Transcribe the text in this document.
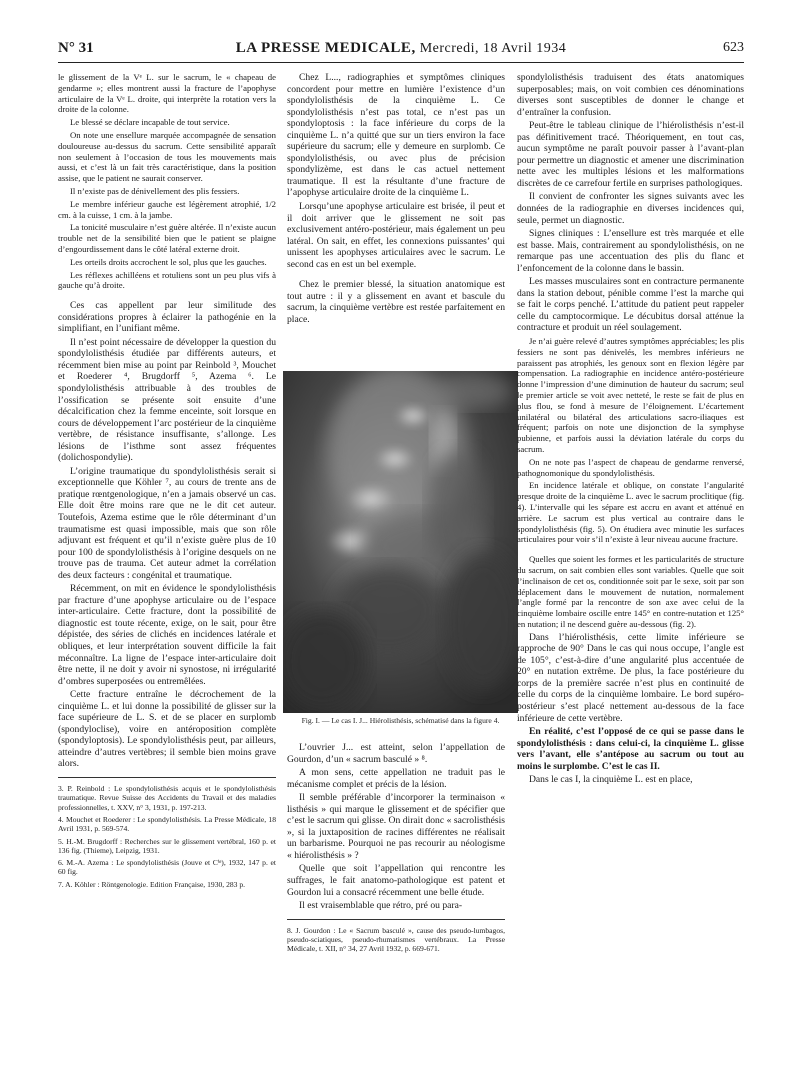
N° 31	LA PRESSE MEDICALE, Mercredi, 18 Avril 1934	623

le glissement de la Vᵉ L. sur le sacrum, le « chapeau de gendarme »; elles montrent aussi la fracture de l’apophyse articulaire de la Vᵉ L. droite, qui interprète la rotation vers la droite de la colonne.

Le blessé se déclare incapable de tout service.

On note une ensellure marquée accompagnée de sensation douloureuse au-dessus du sacrum. Cette sensibilité apparaît non seulement à l’occasion de tous les mouvements mais aussi, et c’est là un fait très caractéristique, dans la position assise, que le patient ne saurait conserver.

Il n’existe pas de dénivellement des plis fessiers.

Le membre inférieur gauche est légèrement atrophié, 1/2 cm. à la cuisse, 1 cm. à la jambe.

La tonicité musculaire n’est guère altérée. Il n’existe aucun trouble net de la sensibilité bien que le patient se plaigne d’engourdissement dans le côté latéral externe droit.

Les orteils droits accrochent le sol, plus que les gauches.

Les réflexes achilléens et rotuliens sont un peu plus vifs à gauche qu’à droite.

Ces cas appellent par leur similitude des considérations propres à éclairer la pathogénie en la simplifiant, en l’unifiant même.

Il n’est point nécessaire de développer la question du spondylolisthésis étudiée par différents auteurs, et récemment bien mise au point par Reinbold ³, Mouchet et Roederer ⁴, Brugdorff ⁵, Azema ⁶. Le spondylolisthésis attribuable à des troubles de l’ossification se présente soit ensuite d’une décalcification chez la femme enceinte, soit lorsque en cours de développement l’arc postérieur de la cinquième vertèbre, de résistance insuffisante, s’allonge. Les lésions de l’isthme sont assez fréquentes (dolichospondylie).

L’origine traumatique du spondylolisthésis serait si exceptionnelle que Köhler ⁷, au cours de trente ans de pratique rœntgenologique, n’en a jamais observé un cas. Elle doit être moins rare que ne le dit cet auteur. Toutefois, Azema estime que le rôle déterminant d’un traumatisme est quasi impossible, mais que son rôle adjuvant est fréquent et qu’il n’existe guère plus de 10 pour 100 de spondylolisthésis à l’origine desquels on ne trouve pas de trauma. Cet auteur admet la corrélation des deux facteurs : congénital et traumatique.

Récemment, on mit en évidence le spondylolisthésis par fracture d’une apophyse articulaire ou de l’espace inter-articulaire. Cette fracture, dont la possibilité de diagnostic est toute récente, exige, on le sait, pour être dépistée, des séries de clichés en incidences latérale et obliques, et leur interprétation souvent difficile la fait méconnaître. La ligne de l’espace inter-articulaire doit être nette, il ne doit y avoir ni synostose, ni irrégularité d’ombres superposées ou entremêlées.

Cette fracture entraîne le décrochement de la cinquième L. et lui donne la possibilité de glisser sur la face supérieure de L. S. et de se placer en surplomb (spondyloclise), voire en antéroposition complète (spondyloptosis). Le spondylolisthésis peut, par ailleurs, atteindre d’autres vertèbres; il semble bien moins grave alors.

3. P. Reinbold : Le spondylolisthésis acquis et le spondylolisthésis traumatique. Revue Suisse des Accidents du Travail et des maladies professionnelles, t. XXV, n° 3, 1931, p. 197-213.

4. Mouchet et Roederer : Le spondylolisthésis. La Presse Médicale, 18 Avril 1931, p. 569-574.

5. H.-M. Brugdorff : Recherches sur le glissement vertébral, 160 p. et 136 fig. (Thieme), Leipzig, 1931.

6. M.-A. Azema : Le spondylolisthésis (Jouve et Cⁱᵉ), 1932, 147 p. et 60 fig.

7. A. Köhler : Röntgenologie. Edition Française, 1930, 283 p.

Chez L..., radiographies et symptômes cliniques concordent pour mettre en lumière l’existence d’un spondylolisthésis de la cinquième L. Ce spondylolisthésis n’est pas total, ce n’est pas un spondyloptosis : la face inférieure du corps de la cinquième L. n’a quitté que sur un tiers environ la face supérieure du sacrum; elle y demeure en surplomb. Ce spondylolisthésis, ou avec plus de précision spondylizème, est dans le cas actuel nettement traumatique. Il est la résultante d’une fracture de l’apophyse articulaire droite de la cinquième L.

Lorsqu’une apophyse articulaire est brisée, il peut et il doit arriver que le glissement ne soit pas exclusivement antéro-postérieur, mais également un peu latéral. On sait, en effet, les connexions puissantes’ qui unissent les apophyses articulaires avec le sacrum. Le second cas en est un bel exemple.

Chez le premier blessé, la situation anatomique est tout autre : il y a glissement en avant et bascule du sacrum, la cinquième vertèbre est restée parfaitement en place.

Fig. I. — Le cas I. J... Hiérolisthésis, schématisé dans la figure 4.

L’ouvrier J... est atteint, selon l’appellation de Gourdon, d’un « sacrum basculé » ⁸.

A mon sens, cette appellation ne traduit pas le mécanisme complet et précis de la lésion.

Il semble préférable d’incorporer la terminaison « listhésis » qui marque le glissement et de spécifier que c’est le sacrum qui glisse. On dirait donc « sacrolisthésis », si la juxtaposition de racines différentes ne réalisait un barbarisme. Pourquoi ne pas recourir au néologisme « hiérolisthésis » ?

Quelle que soit l’appellation qui rencontre les suffrages, le fait anatomo-pathologique est patent et Gourdon lui a consacré récemment une belle étude.

Il est vraisemblable que rétro, pré ou para-

8. J. Gourdon : Le « Sacrum basculé », cause des pseudo-lumbagos, pseudo-sciatiques, pseudo-rhumatismes vertébraux. La Presse Médicale, t. XII, n° 34, 27 Avril 1932, p. 669-671.

spondylolisthésis traduisent des états anatomiques superposables; mais, on voit combien ces dénominations diverses sont susceptibles de donner le change et d’entraîner la confusion.

Peut-être le tableau clinique de l’hiérolisthésis n’est-il pas définitivement tracé. Théoriquement, en tout cas, aucun symptôme ne paraît pouvoir passer à l’avant-plan pour permettre un diagnostic et amener une discrimination nette avec les multiples lésions et les malformations discrètes de ce carrefour fertile en surprises pathologiques.

Il convient de confronter les signes suivants avec les données de la radiographie en diverses incidences qui, seule, permet un diagnostic.

Signes cliniques : L’ensellure est très marquée et elle est basse. Mais, contrairement au spondylolisthésis, on ne remarque pas une accentuation des plis du flanc et l’enfoncement de la colonne dans le bassin.

Les masses musculaires sont en contracture permanente dans la station debout, pénible comme l’est la marche qui se fait le corps penché. L’attitude du patient peut rappeler celle du camptocormique. Le décubitus dorsal atténue la contracture et produit un réel soulagement.

Je n’ai guère relevé d’autres symptômes appréciables; les plis fessiers ne sont pas dénivelés, les membres inférieurs ne paraissent pas atrophiés, les genoux sont en flexion légère par compensation. La radiographie en incidence antéro-postérieure donne l’impression d’une diminution de hauteur du sacrum; seul le premier article se voit avec netteté, le reste se fait de plus en plus flou, se fond à mesure de l’éloignement. L’écartement unilatéral ou bilatéral des articulations sacro-iliaques est fréquent; parfois on note une disjonction de la symphyse pubienne, et parfois aussi la déviation latérale du corps du sacrum.

On ne note pas l’aspect de chapeau de gendarme renversé, pathognomonique du spondylolisthésis.

En incidence latérale et oblique, on constate l’angularité presque droite de la cinquième L. avec le sacrum proclitique (fig. 4). L’intervalle qui les sépare est accru en avant et atténué en arrière. Le sacrum est plus vertical au contraire dans le spondylolisthésis (fig. 5). On étudiera avec minutie les surfaces articulaires pour voir s’il n’existe à leur niveau aucune fracture.

Quelles que soient les formes et les particularités de structure du sacrum, on sait combien elles sont variables. Quelle que soit l’inclinaison de cet os, conditionnée soit par le sexe, soit par son déplacement dans le mouvement de nutation, normalement l’angle formé par la rencontre de son axe avec celui de la cinquième lombaire oscille entre 145° en contre-nutation et 125° en nutation; il ne descend guère au-dessous (fig. 2).

Dans l’hiérolisthésis, cette limite inférieure se rapproche de 90° Dans le cas qui nous occupe, l’angle est de 105°, c’est-à-dire d’une angularité plus accentuée de 20° en nutation extrême. De plus, la face postérieure du corps de la première sacrée n’est plus en continuité de celle du corps de la cinquième lombaire. Le bord supéro-postérieur s’est placé nettement au-dessous de la face inférieure de cette vertèbre.

En réalité, c’est l’opposé de ce qui se passe dans le spondylolisthésis : dans celui-ci, la cinquième L. glisse vers l’avant, elle s’antépose au sacrum ou tout au moins le surplombe. C’est le cas II.

Dans le cas I, la cinquième L. est en place,
